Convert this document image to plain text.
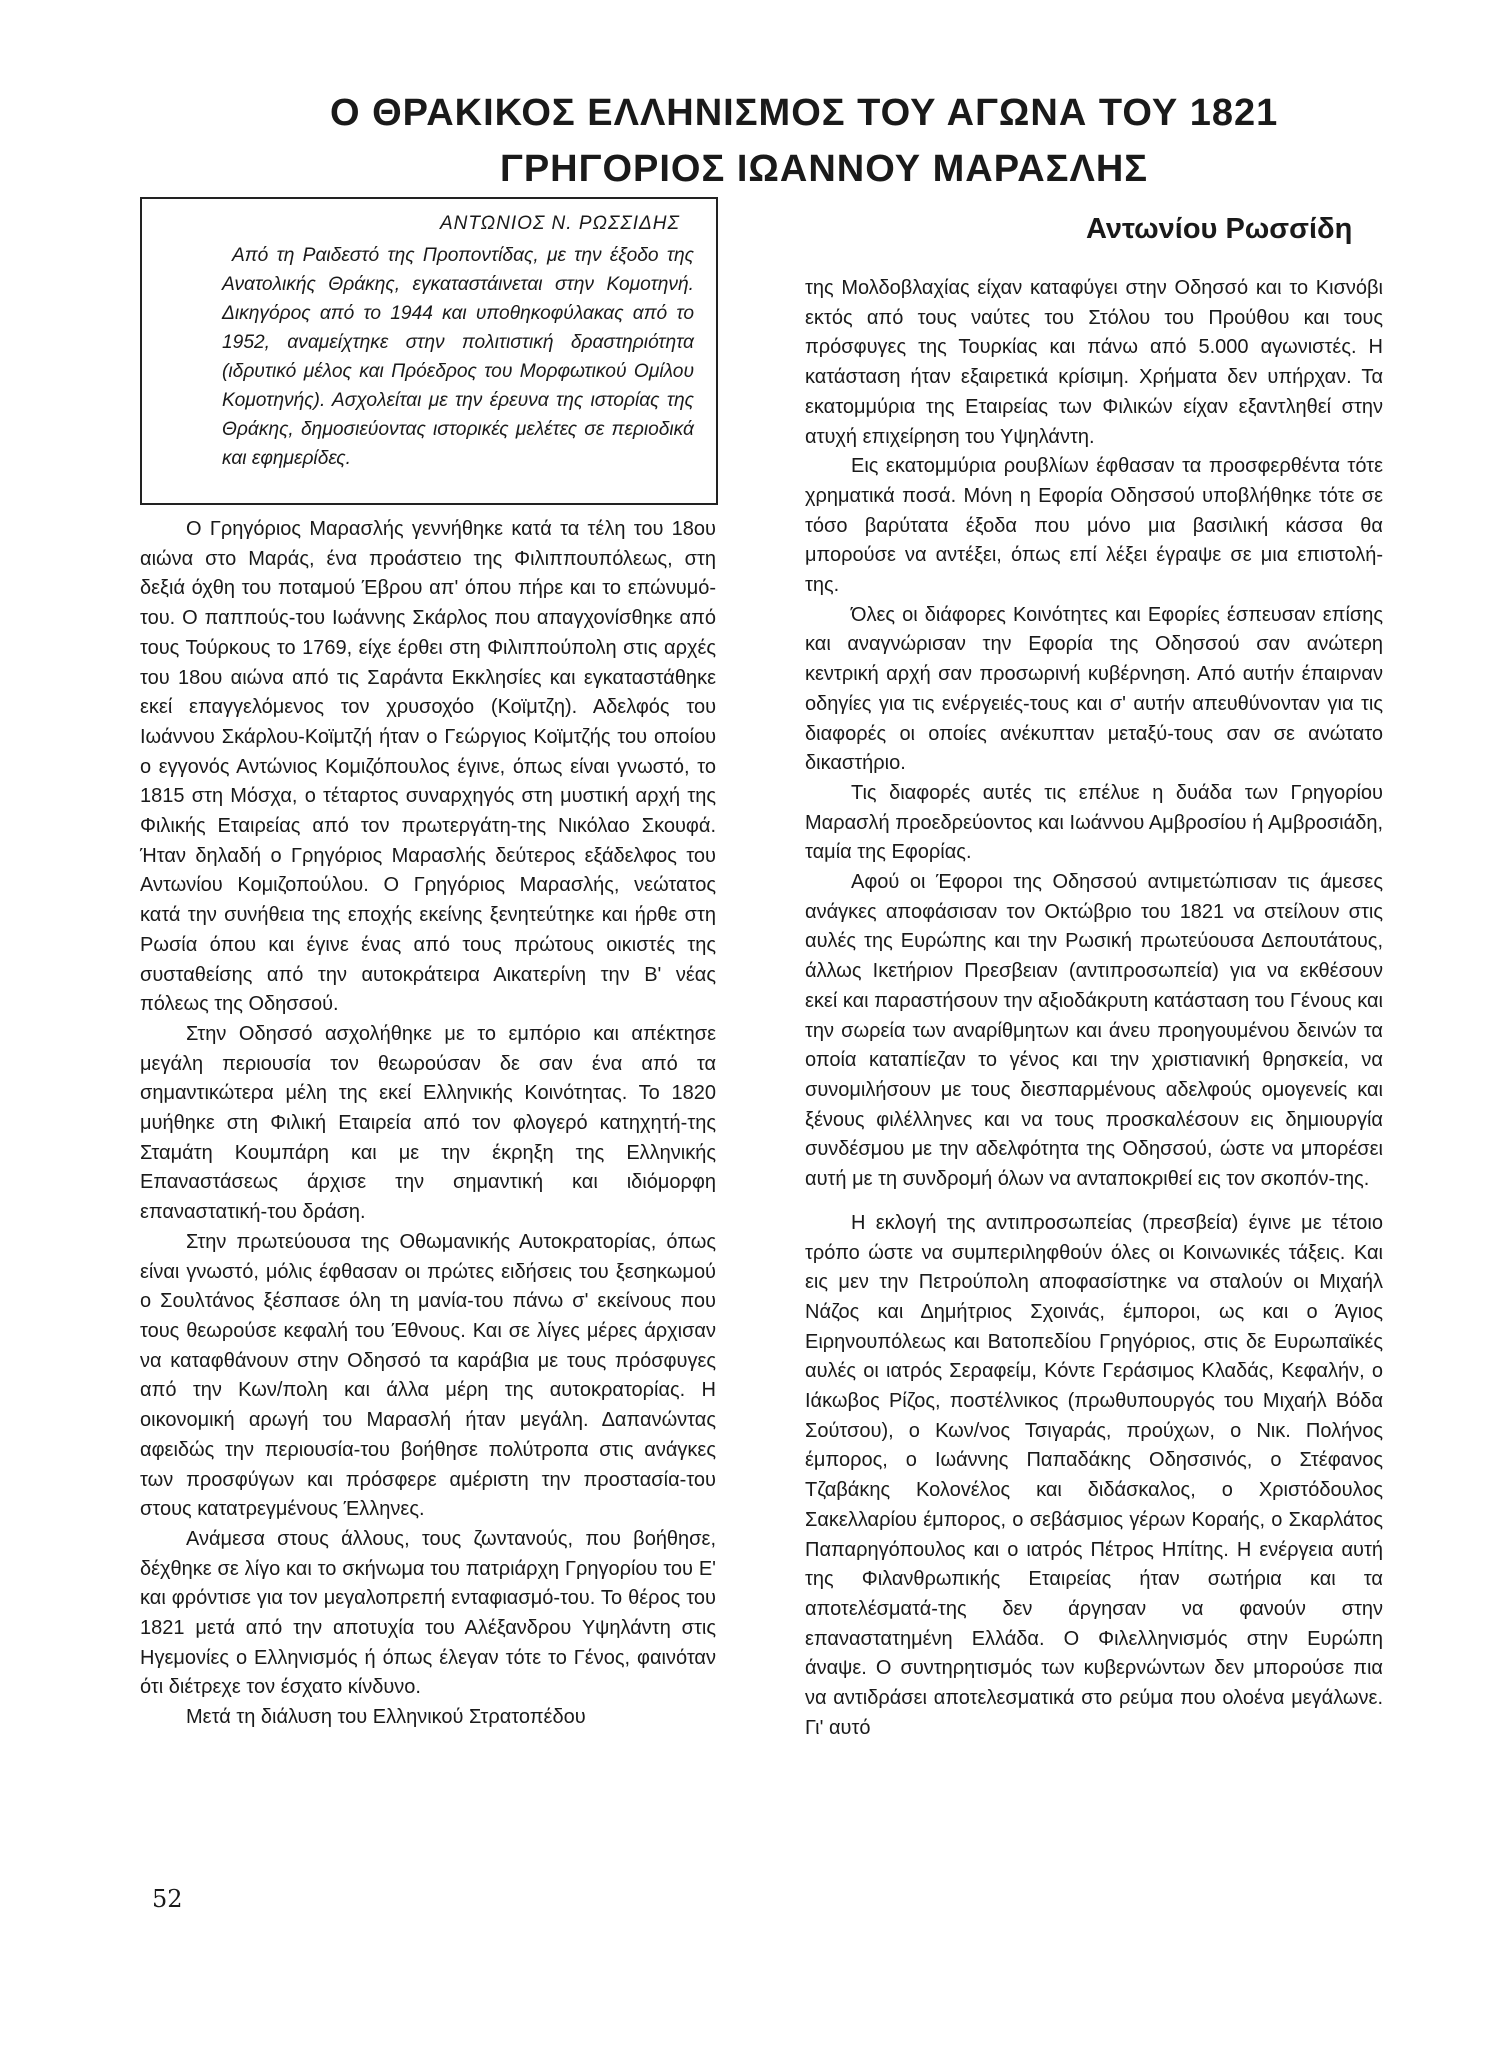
Ο ΘΡΑΚΙΚΟΣ ΕΛΛΗΝΙΣΜΟΣ ΤΟΥ ΑΓΩΝΑ ΤΟΥ 1821
ΓΡΗΓΟΡΙΟΣ ΙΩΑΝΝΟΥ ΜΑΡΑΣΛΗΣ

ΑΝΤΩΝΙΟΣ Ν. ΡΩΣΣΙΔΗΣ

Από τη Ραιδεστό της Προποντίδας, με την έξοδο της Ανατολικής Θράκης, εγκαταστάινεται στην Κομοτηνή. Δικηγόρος από το 1944 και υποθηκοφύλακας από το 1952, αναμείχτηκε στην πολιτιστική δραστηριότητα (ιδρυτικό μέλος και Πρόεδρος του Μορφωτικού Ομίλου Κομοτηνής). Ασχολείται με την έρευνα της ιστορίας της Θράκης, δημοσιεύοντας ιστορικές μελέτες σε περιοδικά και εφημερίδες.

Αντωνίου Ρωσσίδη

Ο Γρηγόριος Μαρασλής γεννήθηκε κατά τα τέλη του 18ου αιώνα στο Μαράς, ένα προάστειο της Φιλιππουπόλεως, στη δεξιά όχθη του ποταμού Έβρου απ' όπου πήρε και το επώνυμό-του. Ο παππούς-του Ιωάννης Σκάρλος που απαγχονίσθηκε από τους Τούρκους το 1769, είχε έρθει στη Φιλιππούπολη στις αρχές του 18ου αιώνα από τις Σαράντα Εκκλησίες και εγκαταστάθηκε εκεί επαγγελόμενος τον χρυσοχόο (Κοϊμτζη). Αδελφός του Ιωάννου Σκάρλου-Κοϊμτζή ήταν ο Γεώργιος Κοϊμτζής του οποίου ο εγγονός Αντώνιος Κομιζόπουλος έγινε, όπως είναι γνωστό, το 1815 στη Μόσχα, ο τέταρτος συναρχηγός στη μυστική αρχή της Φιλικής Εταιρείας από τον πρωτεργάτη-της Νικόλαο Σκουφά. Ήταν δηλαδή ο Γρηγόριος Μαρασλής δεύτερος εξάδελφος του Αντωνίου Κομιζοπούλου. Ο Γρηγόριος Μαρασλής, νεώτατος κατά την συνήθεια της εποχής εκείνης ξενητεύτηκε και ήρθε στη Ρωσία όπου και έγινε ένας από τους πρώτους οικιστές της συσταθείσης από την αυτοκράτειρα Αικατερίνη την Β' νέας πόλεως της Οδησσού.

Στην Οδησσό ασχολήθηκε με το εμπόριο και απέκτησε μεγάλη περιουσία τον θεωρούσαν δε σαν ένα από τα σημαντικώτερα μέλη της εκεί Ελληνικής Κοινότητας. Το 1820 μυήθηκε στη Φιλική Εταιρεία από τον φλογερό κατηχητή-της Σταμάτη Κουμπάρη και με την έκρηξη της Ελληνικής Επαναστάσεως άρχισε την σημαντική και ιδιόμορφη επαναστατική-του δράση.

Στην πρωτεύουσα της Οθωμανικής Αυτοκρατορίας, όπως είναι γνωστό, μόλις έφθασαν οι πρώτες ειδήσεις του ξεσηκωμού ο Σουλτάνος ξέσπασε όλη τη μανία-του πάνω σ' εκείνους που τους θεωρούσε κεφαλή του Έθνους. Και σε λίγες μέρες άρχισαν να καταφθάνουν στην Οδησσό τα καράβια με τους πρόσφυγες από την Κων/πολη και άλλα μέρη της αυτοκρατορίας. Η οικονομική αρωγή του Μαρασλή ήταν μεγάλη. Δαπανώντας αφειδώς την περιουσία-του βοήθησε πολύτροπα στις ανάγκες των προσφύγων και πρόσφερε αμέριστη την προστασία-του στους κατατρεγμένους Έλληνες.

Ανάμεσα στους άλλους, τους ζωντανούς, που βοήθησε, δέχθηκε σε λίγο και το σκήνωμα του πατριάρχη Γρηγορίου του Ε' και φρόντισε για τον μεγαλοπρεπή ενταφιασμό-του. Το θέρος του 1821 μετά από την αποτυχία του Αλέξανδρου Υψηλάντη στις Ηγεμονίες ο Ελληνισμός ή όπως έλεγαν τότε το Γένος, φαινόταν ότι διέτρεχε τον έσχατο κίνδυνο.

Μετά τη διάλυση του Ελληνικού Στρατοπέδου

της Μολδοβλαχίας είχαν καταφύγει στην Οδησσό και το Κισνόβι εκτός από τους ναύτες του Στόλου του Προύθου και τους πρόσφυγες της Τουρκίας και πάνω από 5.000 αγωνιστές. Η κατάσταση ήταν εξαιρετικά κρίσιμη. Χρήματα δεν υπήρχαν. Τα εκατομμύρια της Εταιρείας των Φιλικών είχαν εξαντληθεί στην ατυχή επιχείρηση του Υψηλάντη.

Εις εκατομμύρια ρουβλίων έφθασαν τα προσφερθέντα τότε χρηματικά ποσά. Μόνη η Εφορία Οδησσού υποβλήθηκε τότε σε τόσο βαρύτατα έξοδα που μόνο μια βασιλική κάσσα θα μπορούσε να αντέξει, όπως επί λέξει έγραψε σε μια επιστολή-της.

Όλες οι διάφορες Κοινότητες και Εφορίες έσπευσαν επίσης και αναγνώρισαν την Εφορία της Οδησσού σαν ανώτερη κεντρική αρχή σαν προσωρινή κυβέρνηση. Από αυτήν έπαιρναν οδηγίες για τις ενέργειές-τους και σ' αυτήν απευθύνονταν για τις διαφορές οι οποίες ανέκυπταν μεταξύ-τους σαν σε ανώτατο δικαστήριο.

Τις διαφορές αυτές τις επέλυε η δυάδα των Γρηγορίου Μαρασλή προεδρεύοντος και Ιωάννου Αμβροσίου ή Αμβροσιάδη, ταμία της Εφορίας.

Αφού οι Έφοροι της Οδησσού αντιμετώπισαν τις άμεσες ανάγκες αποφάσισαν τον Οκτώβριο του 1821 να στείλουν στις αυλές της Ευρώπης και την Ρωσική πρωτεύουσα Δεπουτάτους, άλλως Ικετήριον Πρεσβειαν (αντιπροσωπεία) για να εκθέσουν εκεί και παραστήσουν την αξιοδάκρυτη κατάσταση του Γένους και την σωρεία των αναρίθμητων και άνευ προηγουμένου δεινών τα οποία καταπίεζαν το γένος και την χριστιανική θρησκεία, να συνομιλήσουν με τους διεσπαρμένους αδελφούς ομογενείς και ξένους φιλέλληνες και να τους προσκαλέσουν εις δημιουργία συνδέσμου με την αδελφότητα της Οδησσού, ώστε να μπορέσει αυτή με τη συνδρομή όλων να ανταποκριθεί εις τον σκοπόν-της.

Η εκλογή της αντιπροσωπείας (πρεσβεία) έγινε με τέτοιο τρόπο ώστε να συμπεριληφθούν όλες οι Κοινωνικές τάξεις. Και εις μεν την Πετρούπολη αποφασίστηκε να σταλούν οι Μιχαήλ Νάζος και Δημήτριος Σχοινάς, έμποροι, ως και ο Άγιος Ειρηνουπόλεως και Βατοπεδίου Γρηγόριος, στις δε Ευρωπαϊκές αυλές οι ιατρός Σεραφείμ, Κόντε Γεράσιμος Κλαδάς, Κεφαλήν, ο Ιάκωβος Ρίζος, ποστέλνικος (πρωθυπουργός του Μιχαήλ Βόδα Σούτσου), ο Κων/νος Τσιγαράς, προύχων, ο Νικ. Πολήνος έμπορος, ο Ιωάννης Παπαδάκης Οδησσινός, ο Στέφανος Τζαβάκης Κολοvέλος και διδάσκαλος, ο Χριστόδουλος Σακελλαρίου έμπορος, ο σεβάσμιος γέρων Κοραής, ο Σκαρλάτος Παπαρηγόπουλος και ο ιατρός Πέτρος Ηπίτης. Η ενέργεια αυτή της Φιλανθρωπικής Εταιρείας ήταν σωτήρια και τα αποτελέσματά-της δεν άργησαν να φανούν στην επαναστατημένη Ελλάδα. Ο Φιλελληνισμός στην Ευρώπη άναψε. Ο συντηρητισμός των κυβερνώντων δεν μπορούσε πια να αντιδράσει αποτελεσματικά στο ρεύμα που ολοένα μεγάλωνε. Γι' αυτό

52
